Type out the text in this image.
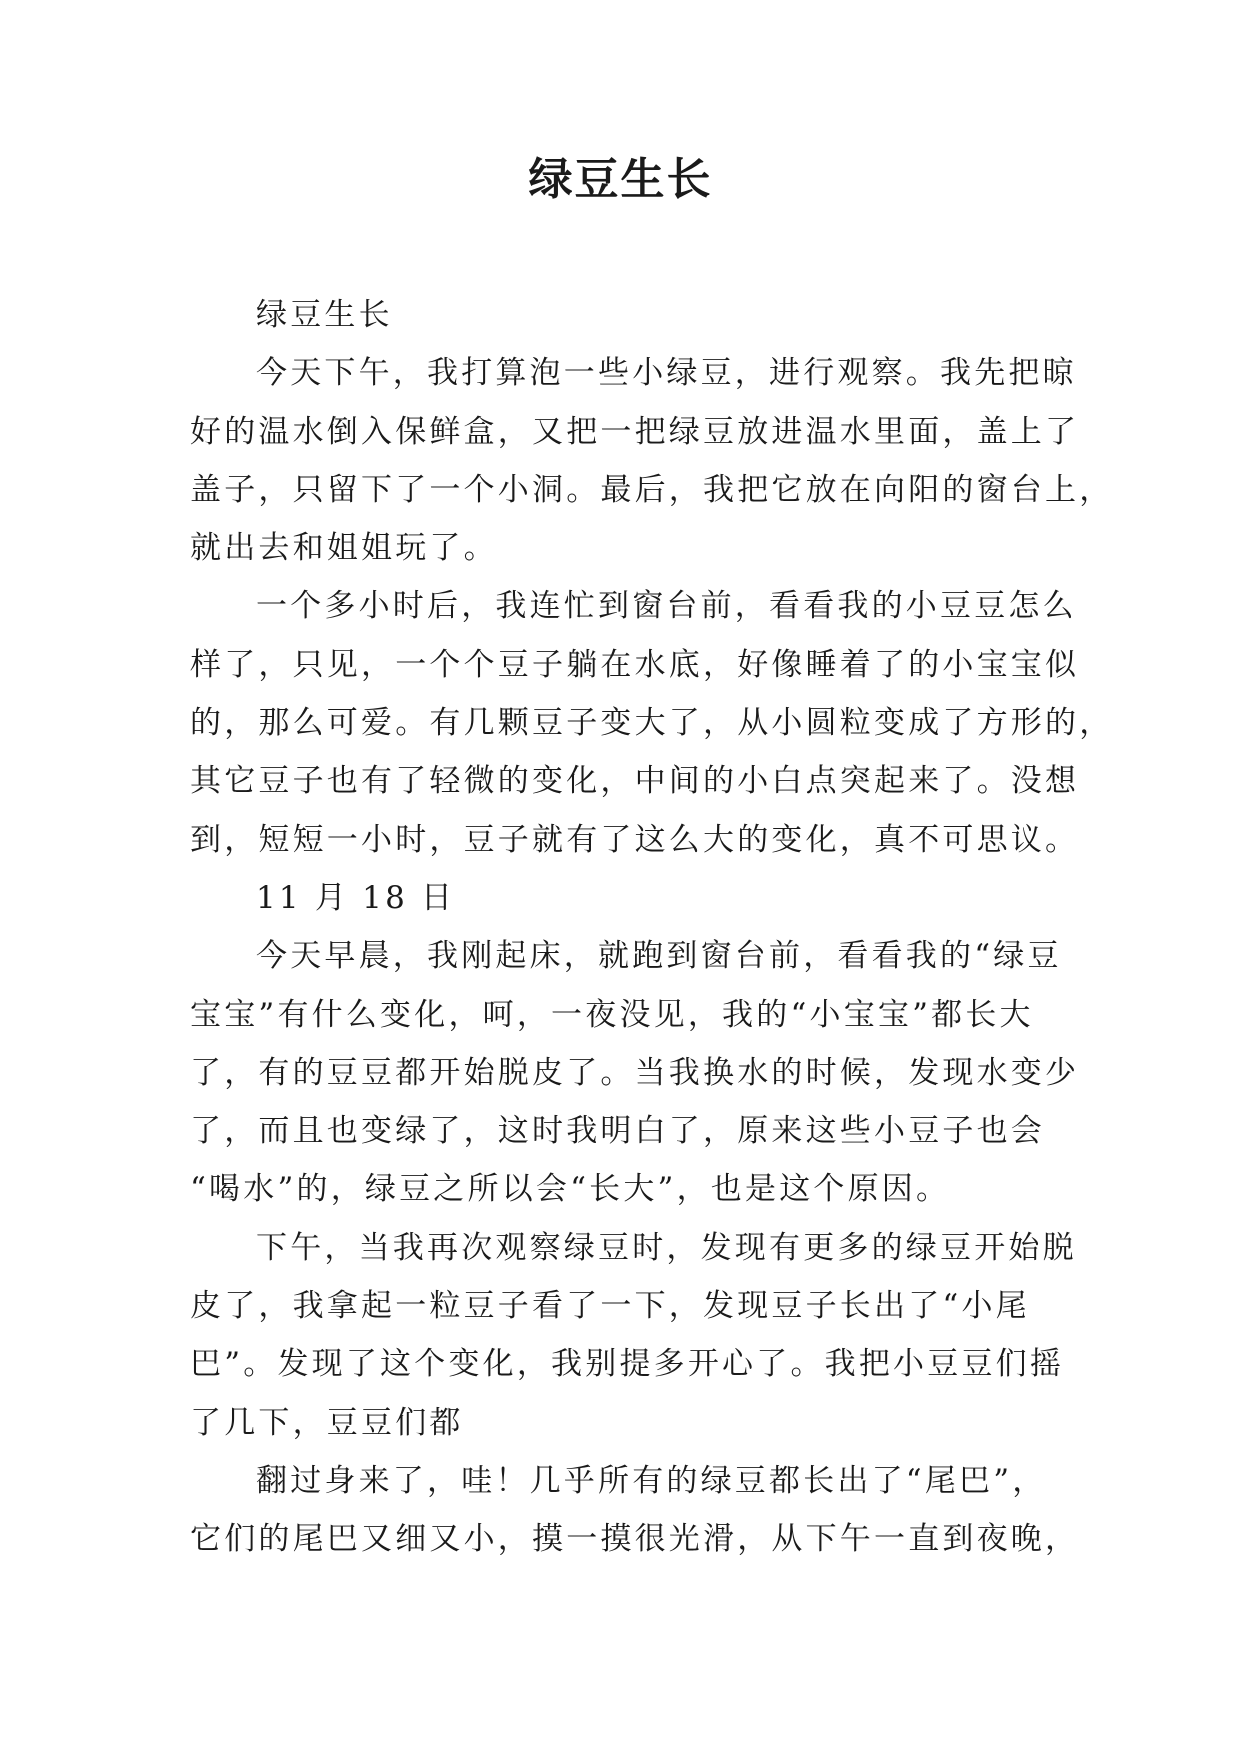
绿豆生长
绿豆生长
今天下午，我打算泡一些小绿豆，进行观察。我先把晾
好的温水倒入保鲜盒，又把一把绿豆放进温水里面，盖上了
盖子，只留下了一个小洞。最后，我把它放在向阳的窗台上，
就出去和姐姐玩了。
一个多小时后，我连忙到窗台前，看看我的小豆豆怎么
样了，只见，一个个豆子躺在水底，好像睡着了的小宝宝似
的，那么可爱。有几颗豆子变大了，从小圆粒变成了方形的，
其它豆子也有了轻微的变化，中间的小白点突起来了。没想
到，短短一小时，豆子就有了这么大的变化，真不可思议。
11 月 18 日
今天早晨，我刚起床，就跑到窗台前，看看我的“绿豆
宝宝”有什么变化，呵，一夜没见，我的“小宝宝”都长大
了，有的豆豆都开始脱皮了。当我换水的时候，发现水变少
了，而且也变绿了，这时我明白了，原来这些小豆子也会
“喝水”的，绿豆之所以会“长大”，也是这个原因。
下午，当我再次观察绿豆时，发现有更多的绿豆开始脱
皮了，我拿起一粒豆子看了一下，发现豆子长出了“小尾
巴”。发现了这个变化，我别提多开心了。我把小豆豆们摇
了几下，豆豆们都
翻过身来了，哇！几乎所有的绿豆都长出了“尾巴”，
它们的尾巴又细又小，摸一摸很光滑，从下午一直到夜晚，
